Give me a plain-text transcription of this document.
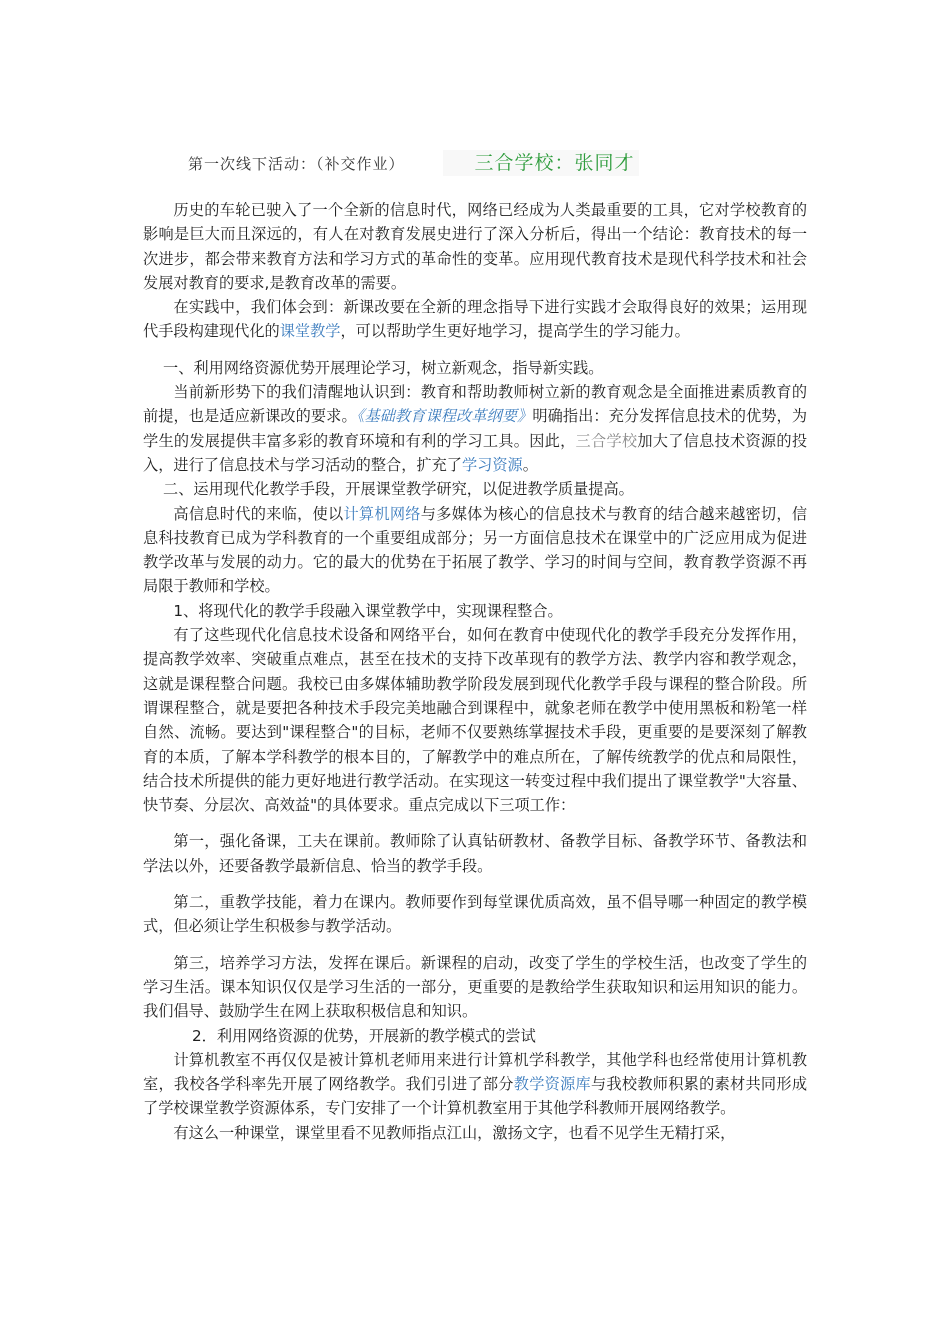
第一次线下活动：（补交作业）	三合学校：张同才

历史的车轮已驶入了一个全新的信息时代，网络已经成为人类最重要的工具，它对学校教育的影响是巨大而且深远的，有人在对教育发展史进行了深入分析后，得出一个结论：教育技术的每一次进步，都会带来教育方法和学习方式的革命性的变革。应用现代教育技术是现代科学技术和社会发展对教育的要求,是教育改革的需要。

在实践中，我们体会到：新课改要在全新的理念指导下进行实践才会取得良好的效果；运用现代手段构建现代化的课堂教学，可以帮助学生更好地学习，提高学生的学习能力。

一、利用网络资源优势开展理论学习，树立新观念，指导新实践。

当前新形势下的我们清醒地认识到：教育和帮助教师树立新的教育观念是全面推进素质教育的前提，也是适应新课改的要求。《基础教育课程改革纲要》明确指出：充分发挥信息技术的优势，为学生的发展提供丰富多彩的教育环境和有利的学习工具。因此，三合学校加大了信息技术资源的投入，进行了信息技术与学习活动的整合，扩充了学习资源。

二、运用现代化教学手段，开展课堂教学研究，以促进教学质量提高。

高信息时代的来临，使以计算机网络与多媒体为核心的信息技术与教育的结合越来越密切，信息科技教育已成为学科教育的一个重要组成部分；另一方面信息技术在课堂中的广泛应用成为促进教学改革与发展的动力。它的最大的优势在于拓展了教学、学习的时间与空间，教育教学资源不再局限于教师和学校。

1、将现代化的教学手段融入课堂教学中，实现课程整合。

有了这些现代化信息技术设备和网络平台，如何在教育中使现代化的教学手段充分发挥作用，提高教学效率、突破重点难点，甚至在技术的支持下改革现有的教学方法、教学内容和教学观念，这就是课程整合问题。我校已由多媒体辅助教学阶段发展到现代化教学手段与课程的整合阶段。所谓课程整合，就是要把各种技术手段完美地融合到课程中，就象老师在教学中使用黑板和粉笔一样自然、流畅。要达到"课程整合"的目标，老师不仅要熟练掌握技术手段，更重要的是要深刻了解教育的本质，了解本学科教学的根本目的，了解教学中的难点所在，了解传统教学的优点和局限性，结合技术所提供的能力更好地进行教学活动。在实现这一转变过程中我们提出了课堂教学"大容量、快节奏、分层次、高效益"的具体要求。重点完成以下三项工作：

第一，强化备课，工夫在课前。教师除了认真钻研教材、备教学目标、备教学环节、备教法和学法以外，还要备教学最新信息、恰当的教学手段。

第二，重教学技能，着力在课内。教师要作到每堂课优质高效，虽不倡导哪一种固定的教学模式，但必须让学生积极参与教学活动。

第三，培养学习方法，发挥在课后。新课程的启动，改变了学生的学校生活，也改变了学生的学习生活。课本知识仅仅是学习生活的一部分，更重要的是教给学生获取知识和运用知识的能力。我们倡导、鼓励学生在网上获取积极信息和知识。

2．利用网络资源的优势，开展新的教学模式的尝试

计算机教室不再仅仅是被计算机老师用来进行计算机学科教学，其他学科也经常使用计算机教室，我校各学科率先开展了网络教学。我们引进了部分教学资源库与我校教师积累的素材共同形成了学校课堂教学资源体系，专门安排了一个计算机教室用于其他学科教师开展网络教学。

有这么一种课堂，课堂里看不见教师指点江山，激扬文字，也看不见学生无精打采，
